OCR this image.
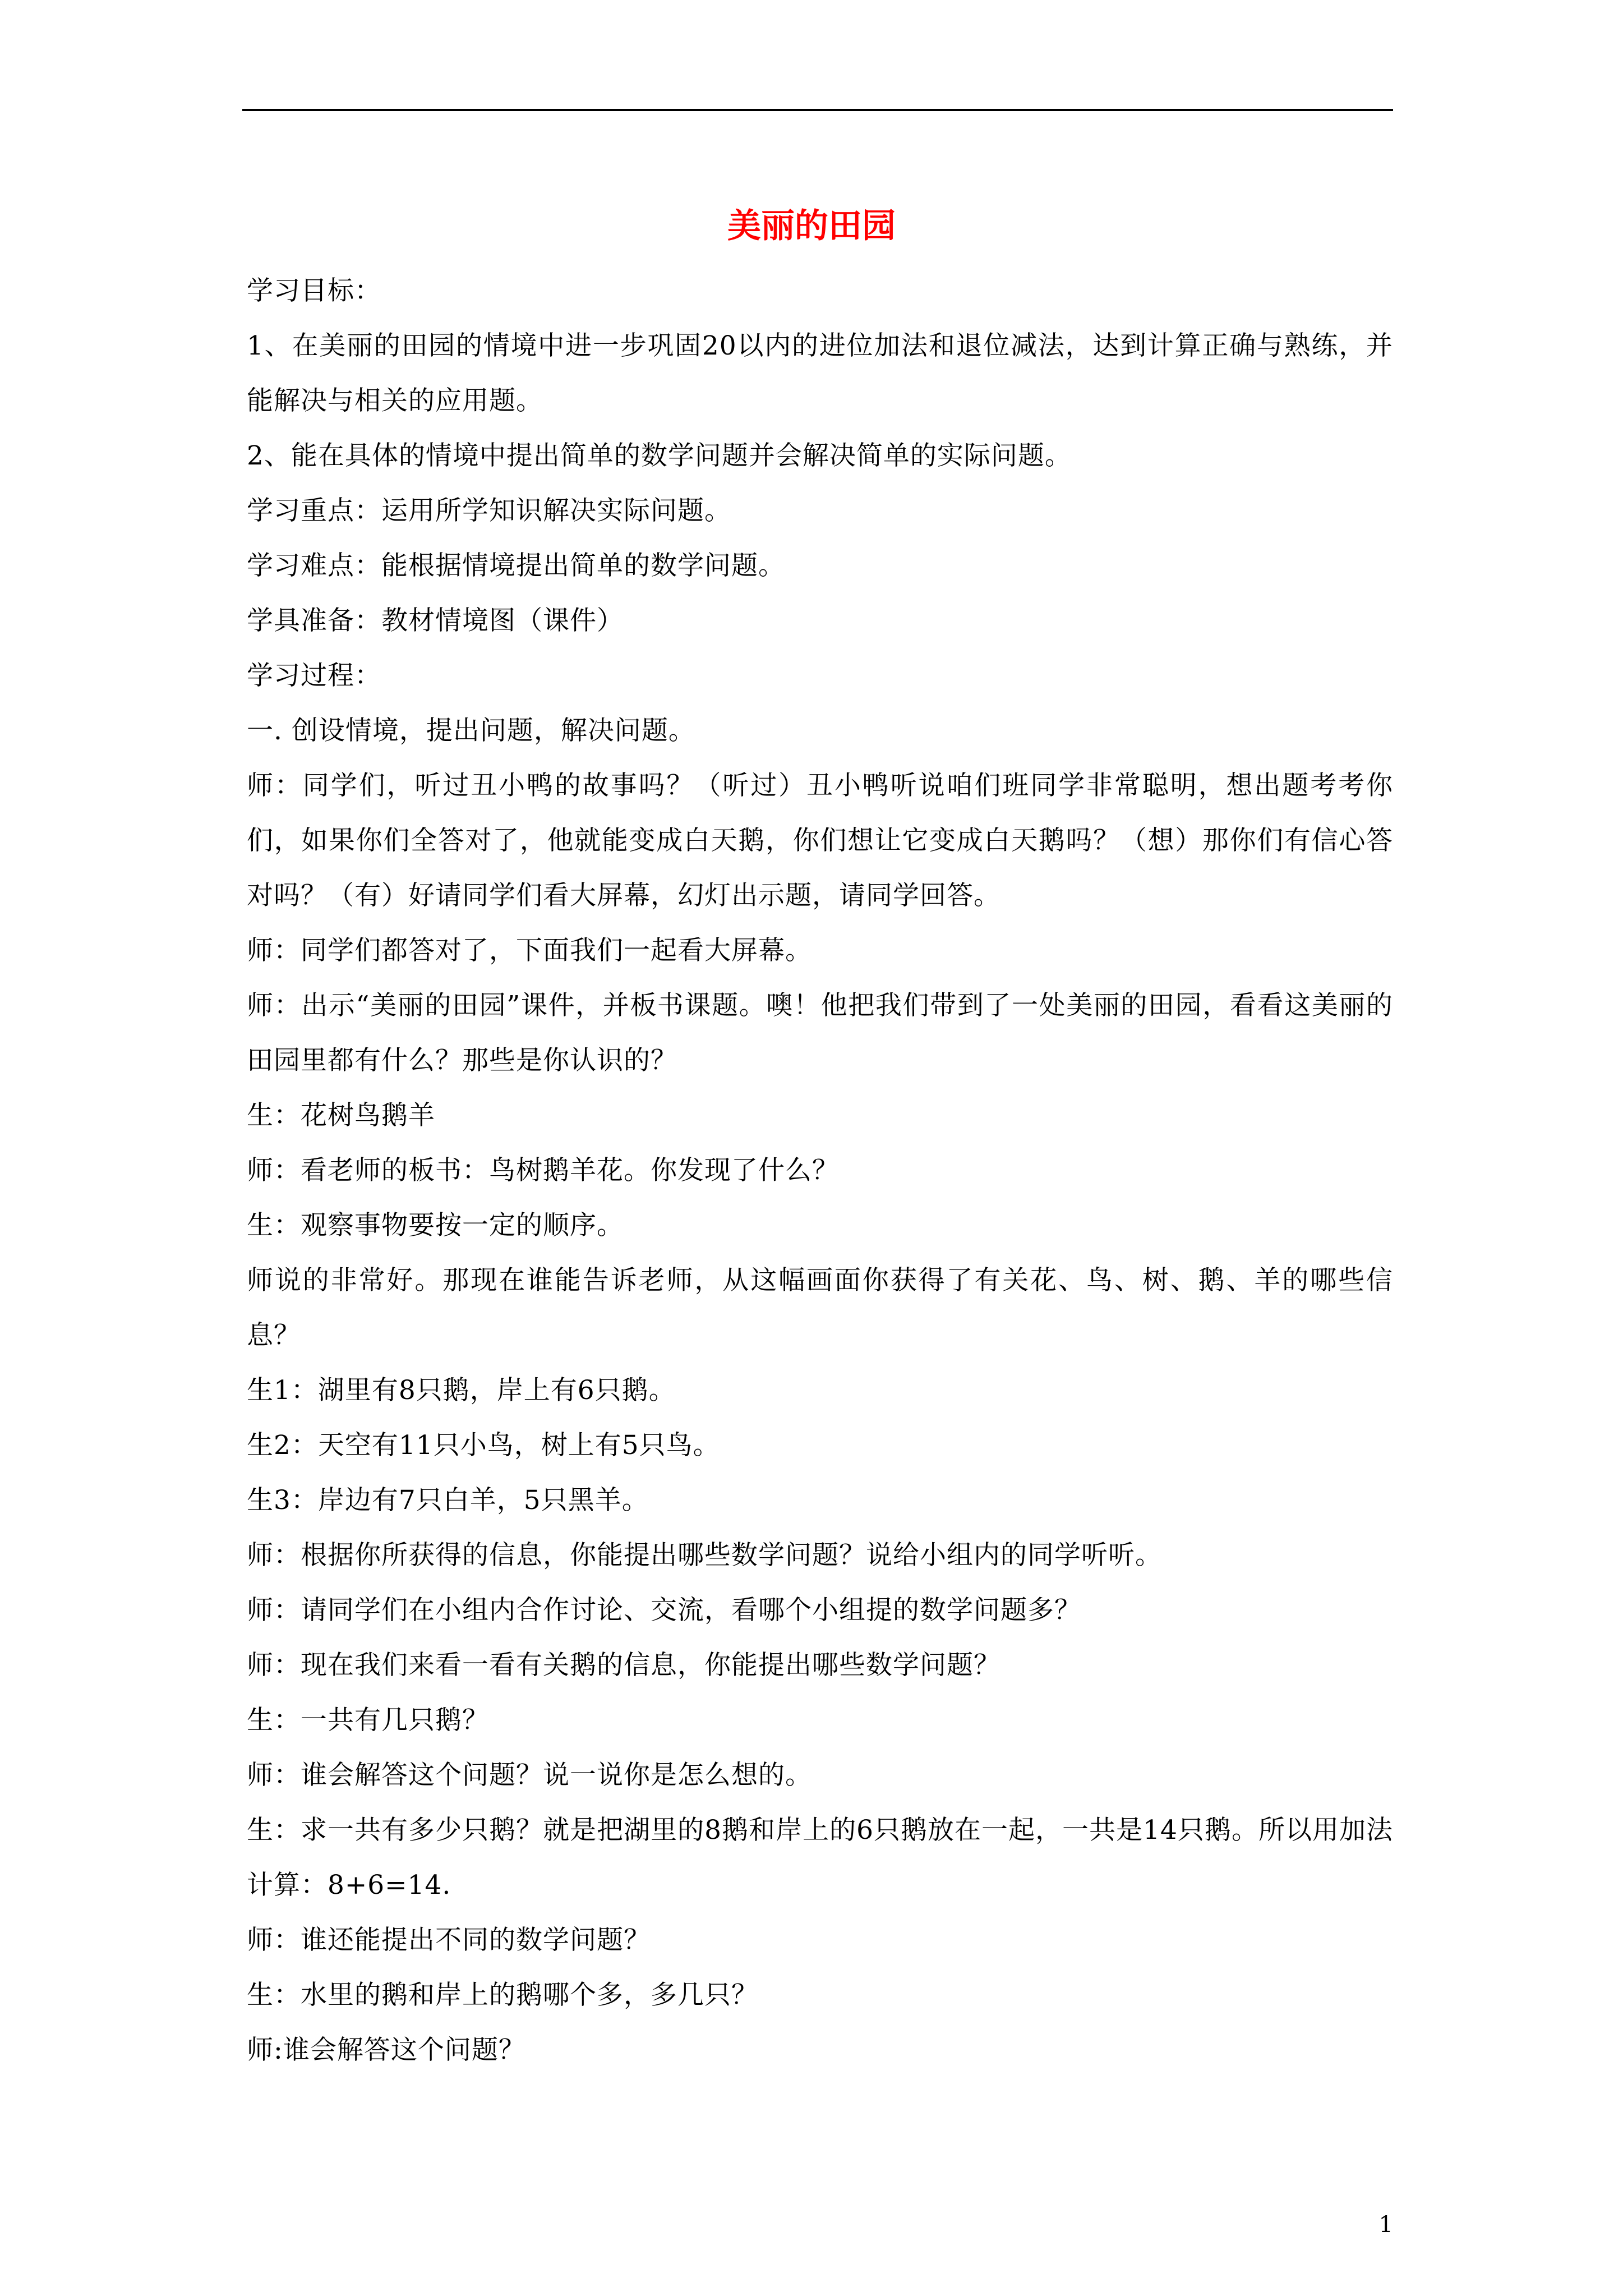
美丽的田园

学习目标：

1、在美丽的田园的情境中进一步巩固20以内的进位加法和退位减法，达到计算正确与熟练，并能解决与相关的应用题。

2、能在具体的情境中提出简单的数学问题并会解决简单的实际问题。

学习重点：运用所学知识解决实际问题。

学习难点：能根据情境提出简单的数学问题。

学具准备：教材情境图（课件）

学习过程：

一. 创设情境，提出问题，解决问题。

师：同学们，听过丑小鸭的故事吗？（听过）丑小鸭听说咱们班同学非常聪明，想出题考考你们，如果你们全答对了，他就能变成白天鹅，你们想让它变成白天鹅吗？（想）那你们有信心答对吗？（有）好请同学们看大屏幕，幻灯出示题，请同学回答。

师：同学们都答对了，下面我们一起看大屏幕。

师：出示“美丽的田园”课件，并板书课题。噢！他把我们带到了一处美丽的田园，看看这美丽的田园里都有什么？那些是你认识的？

生：花树鸟鹅羊

师：看老师的板书：鸟树鹅羊花。你发现了什么？

生：观察事物要按一定的顺序。

师说的非常好。那现在谁能告诉老师，从这幅画面你获得了有关花、鸟、树、鹅、羊的哪些信息？

生1：湖里有8只鹅，岸上有6只鹅。

生2：天空有11只小鸟，树上有5只鸟。

生3：岸边有7只白羊，5只黑羊。

师：根据你所获得的信息，你能提出哪些数学问题？说给小组内的同学听听。

师：请同学们在小组内合作讨论、交流，看哪个小组提的数学问题多？

师：现在我们来看一看有关鹅的信息，你能提出哪些数学问题？

生：一共有几只鹅？

师：谁会解答这个问题？说一说你是怎么想的。

生：求一共有多少只鹅？就是把湖里的8鹅和岸上的6只鹅放在一起，一共是14只鹅。所以用加法计算：8+6=14.

师：谁还能提出不同的数学问题？

生：水里的鹅和岸上的鹅哪个多，多几只？

师:谁会解答这个问题？

1
